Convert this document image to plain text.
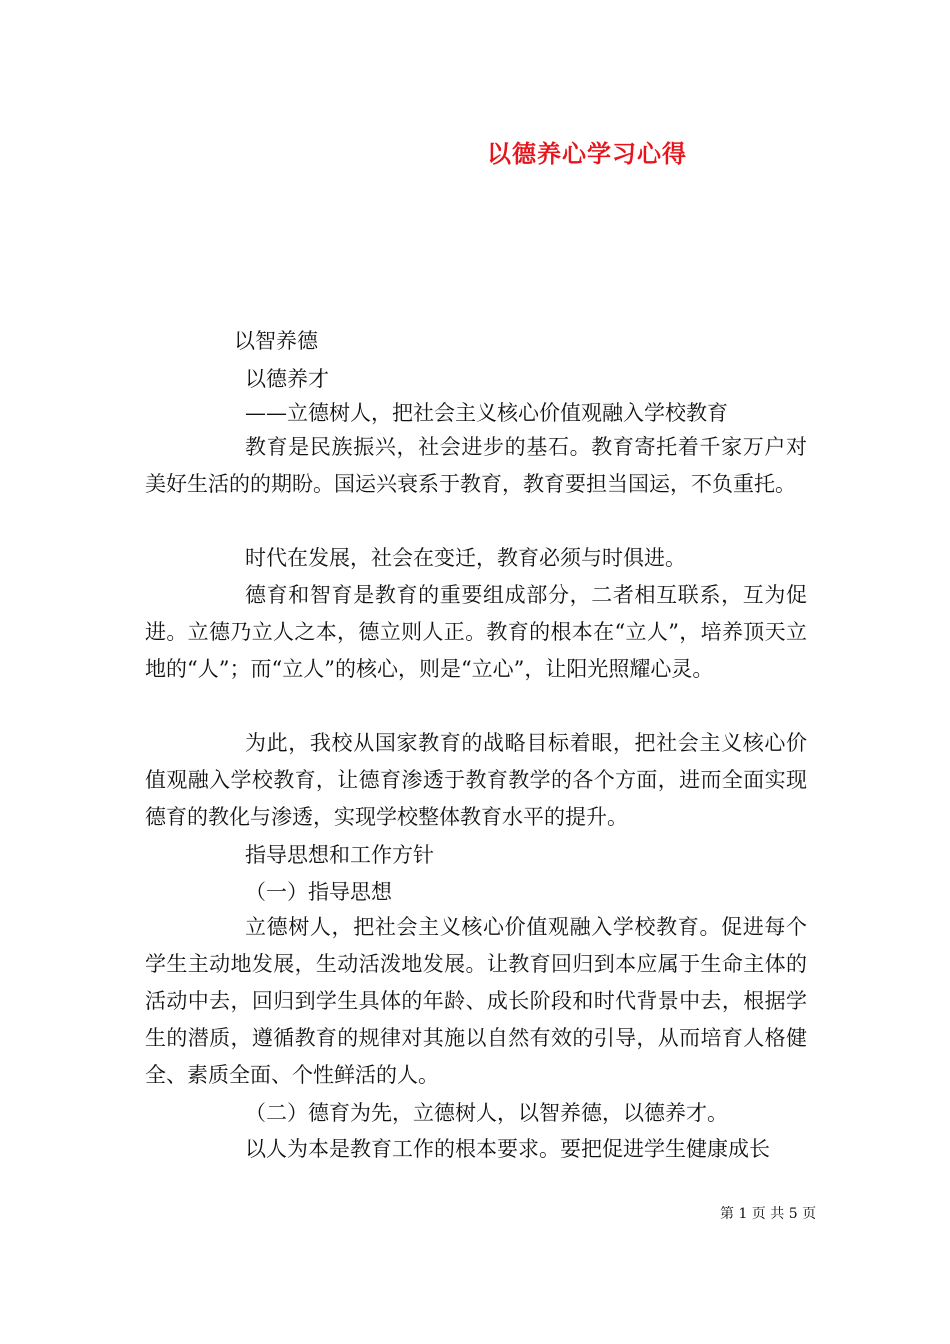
以德养心学习心得
以智养德
以德养才
——立德树人，把社会主义核心价值观融入学校教育
教育是民族振兴，社会进步的基石。教育寄托着千家万户对美好生活的的期盼。国运兴衰系于教育，教育要担当国运，不负重托。
时代在发展，社会在变迁，教育必须与时俱进。
德育和智育是教育的重要组成部分，二者相互联系，互为促进。立德乃立人之本，德立则人正。教育的根本在“立人”，培养顶天立地的“人”；而“立人”的核心，则是“立心”，让阳光照耀心灵。
为此，我校从国家教育的战略目标着眼，把社会主义核心价值观融入学校教育，让德育渗透于教育教学的各个方面，进而全面实现德育的教化与渗透，实现学校整体教育水平的提升。
指导思想和工作方针
（一）指导思想
立德树人，把社会主义核心价值观融入学校教育。促进每个学生主动地发展，生动活泼地发展。让教育回归到本应属于生命主体的活动中去，回归到学生具体的年龄、成长阶段和时代背景中去，根据学生的潜质，遵循教育的规律对其施以自然有效的引导，从而培育人格健全、素质全面、个性鲜活的人。
（二）德育为先，立德树人，以智养德，以德养才。
以人为本是教育工作的根本要求。要把促进学生健康成长
第 1 页 共 5 页
